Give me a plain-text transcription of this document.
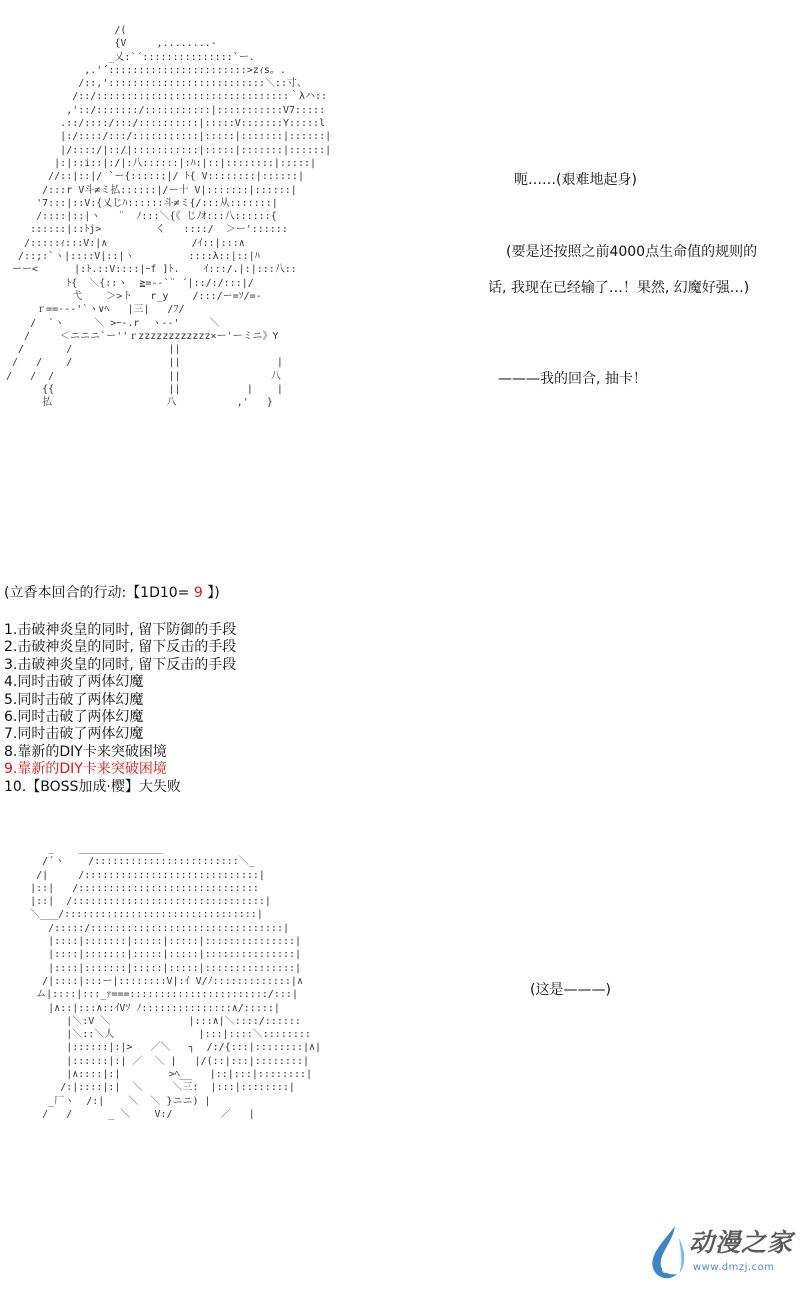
/(
{V     ,........-
_乂:`´:::::::::::::::`ー.
,.'´:::::::::::::::::::::::>zｨs。.
/::,'::::::::::::::::::::::::::＼::寸、
/::/::::::::::::::::::::::::::::::::｀λハ::
,'::/:::::::/:::::::::::|:::::::::::V7:::::
.::/::::/:::/::::::::::|:::::V:::::::Y:::::l
|:/::::/:::/:::::::::::|:::::|:::::::|::::::|
|/::::/|::/|:::::::::::|:::::|:::::::|::::::|
|:|::i::|:/|:八::::::|:ﾊ:|::|::::::::|:::::|
//::|::|/ `ー{::::::|/ ﾄ{ V::::::::|::::::|
/:::r V斗≠ミ払::::::|/ー十 V|:::::::|::::::|
'7:::|::V:{乂じﾊ::::::斗≠ミ{/:::从:::::::|
/::::|::|ヽ   ¨  ﾉ:::＼{《 じﾉｵ:::八::::::{
::::::|::ﾄj>         く   ::::/  ＞ー'::::::
/:::::ｨ:::V:|∧              /ｲ::|:::∧
/::;:`ヽ|::::V|::|ヽ         ::::λ::|::|ﾊ
ーー<      |:ﾄ.::V::::|ｰf ]ﾄ.    ｲ:::/.|:|:::八::
ﾄ{  ＼{::ヽ  ≧=-‐`¨ ´|::/:/:::|/
弋    ＞>ト   r_y    /:::/ー=ｿ/=-
ｒ==--‐'`ヽ∨ﾍ   |三|   /ﾌ/
/  `ヽ     ＼ >ｰ-.r  ヽ-‐'     ＼
/     ＜ニニニ`ー''ｒzzzzzzzzzzzz×ー'ーミニ》Y
/       /                ||
/   /    /                ||                |
/   /  /                   ||               八
{{                   ||           |    |
払                   八          ,'   }
呃……(艰难地起身)
(要是还按照之前4000点生命值的规则的
话, 我现在已经输了…！果然, 幻魔好强…)
———我的回合, 抽卡！
(立香本回合的行动:【1D10= 9 】)
1.击破神炎皇的同时, 留下防御的手段
2.击破神炎皇的同时, 留下反击的手段
3.击破神炎皇的同时, 留下反击的手段
4.同时击破了两体幻魔
5.同时击破了两体幻魔
6.同时击破了两体幻魔
7.同时击破了两体幻魔
8.靠新的DIY卡来突破困境
9.靠新的DIY卡来突破困境
10.【BOSS加成·樱】大失败
_    ______________
/´ヽ    /::::::::::::::::::::::::＼_
/|     /:::::::::::::::::::::::::::::|
|::|   /::::::::::::::::::::::::::::::
|::|  /::::::::::::::::::::::::::::::::|
＼___/::::::::::::::::::::::::::::::::|
/:::::/::::::::::::::::::::::::::::::::|
|::::|:::::::|:::::|:::::|:::::::::::::::|
|::::|:::::::|:::::|:::::|:::::::::::::::|
|::::|:::::::|:::::|:::::|:::::::::::::::|
/|::::|:::ー|::::::::V|:ｲ V/ﾉ:::::::::::::|∧
ム|::::|:::_ｧ===:::::::::::::::::::::::/:::|
|∧::|:::∧::ｲVｿ ﾉ:::::::::::::::∧/:::::|
|＼:V ＼             |:::∧|＼::::/::::::
|＼::＼人              |:::|::::＼::::::::
|::::::|:|>   ／＼   ┐  /:/{:::|::::::::|∧|
|::::::|:| ／  ＼ |   |/(::|:::|::::::::|
|∧::::|:|        >ﾍ__   |::|:::|::::::::|
/:|::::|:|  ＼     ＼三:  |:::|::::::::|
_厂ヽ  /:|    ＼  ＼ }ニニ) |
/   /      _ ＼    V:/        ／   |
(这是———)
动漫之家
www.dmzj.com
